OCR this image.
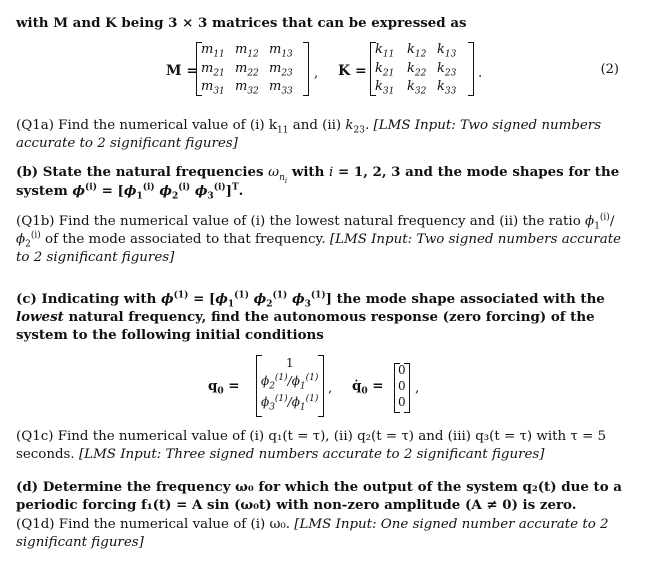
with M and K being 3 × 3 matrices that can be expressed as
M =
$m_{11}$ $m_{12}$ $m_{13}$
$m_{21}$ $m_{22}$ $m_{23}$
$m_{31}$ $m_{32}$ $m_{33}$
, K =
$k_{11}$ $k_{12}$ $k_{13}$
$k_{21}$ $k_{22}$ $k_{23}$
$k_{31}$ $k_{32}$ $k_{33}$
.	(2)
(Q1a) Find the numerical value of (i) $k_{11}$ and (ii) $k_{23}$. [LMS Input: Two signed numbers accurate to 2 significant figures]
(b) State the natural frequencies $\omega_{n_i}$ with i = 1, 2, 3 and the mode shapes for the
system $\phi^{(i)} = [\phi_1^{(i)}$ $\phi_2^{(i)}$ $\phi_3^{(i)}]^T$.
(Q1b) Find the numerical value of (i) the lowest natural frequency and (ii) the ratio $\phi_1^{(i)}/\phi_2^{(i)}$ of the mode associated to that frequency. [LMS Input: Two signed numbers accurate to 2 significant figures]
(c) Indicating with $\phi^{(1)} = [\phi_1^{(1)}$ $\phi_2^{(1)}$ $\phi_3^{(1)}$] the mode shape associated with the lowest natural frequency, find the autonomous response (zero forcing) of the system to the following initial conditions
$q_0$ =
1
$\phi_2^{(1)}/\phi_1^{(1)}$
$\phi_3^{(1)}/\phi_1^{(1)}$
, $q̇_0$ =
0
0
0
,
(Q1c) Find the numerical value of (i) q₁(t = τ), (ii) q₂(t = τ) and (iii) q₃(t = τ) with τ = 5 seconds. [LMS Input: Three signed numbers accurate to 2 significant figures]
(d) Determine the frequency ω₀ for which the output of the system q₂(t) due to a periodic forcing f₁(t) = A sin (ω₀t) with non-zero amplitude (A ≠ 0) is zero.
(Q1d) Find the numerical value of (i) ω₀. [LMS Input: One signed number accurate to 2 significant figures]
